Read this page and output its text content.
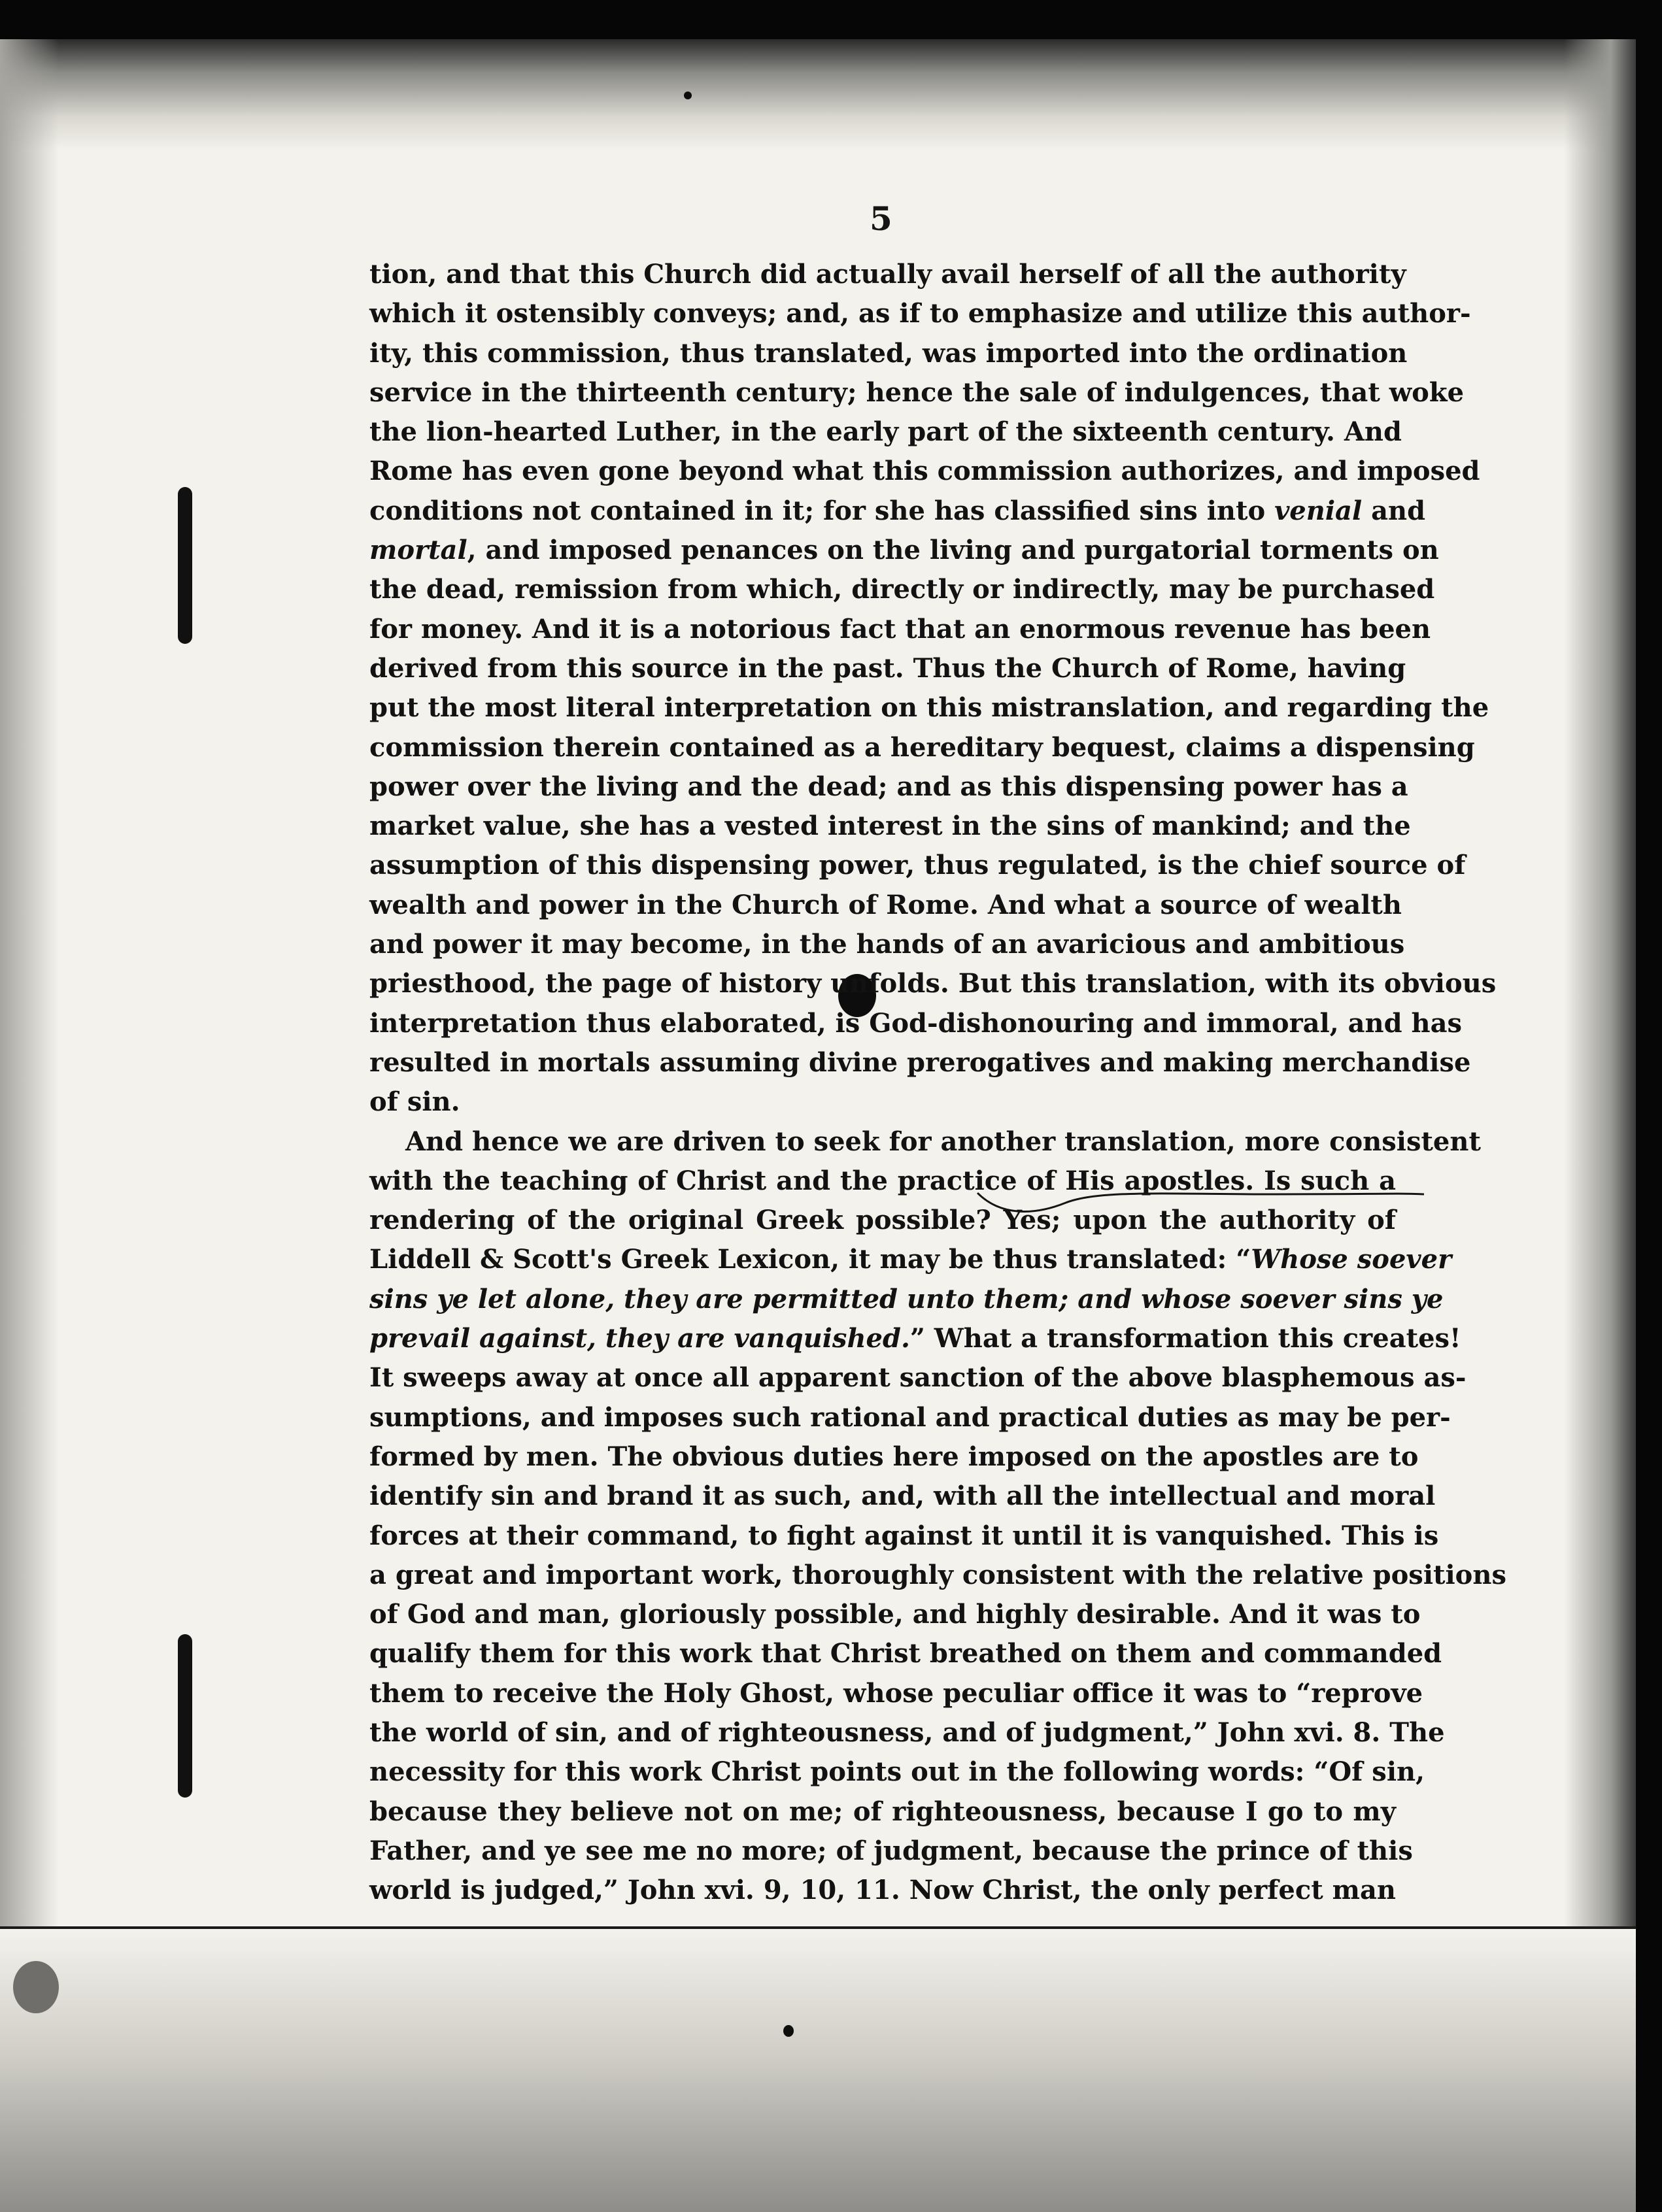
5

tion, and that this Church did actually avail herself of all the authority
which it ostensibly conveys; and, as if to emphasize and utilize this author-
ity, this commission, thus translated, was imported into the ordination
service in the thirteenth century; hence the sale of indulgences, that woke
the lion-hearted Luther, in the early part of the sixteenth century. And
Rome has even gone beyond what this commission authorizes, and imposed
conditions not contained in it; for she has classified sins into venial and
mortal, and imposed penances on the living and purgatorial torments on
the dead, remission from which, directly or indirectly, may be purchased
for money. And it is a notorious fact that an enormous revenue has been
derived from this source in the past. Thus the Church of Rome, having
put the most literal interpretation on this mistranslation, and regarding the
commission therein contained as a hereditary bequest, claims a dispensing
power over the living and the dead; and as this dispensing power has a
market value, she has a vested interest in the sins of mankind; and the
assumption of this dispensing power, thus regulated, is the chief source of
wealth and power in the Church of Rome. And what a source of wealth
and power it may become, in the hands of an avaricious and ambitious
priesthood, the page of history unfolds. But this translation, with its obvious
interpretation thus elaborated, is God-dishonouring and immoral, and has
resulted in mortals assuming divine prerogatives and making merchandise
of sin.
And hence we are driven to seek for another translation, more consistent
with the teaching of Christ and the practice of His apostles. Is such a
rendering of the original Greek possible? Yes; upon the authority of
Liddell & Scott's Greek Lexicon, it may be thus translated: “Whose soever
sins ye let alone, they are permitted unto them; and whose soever sins ye
prevail against, they are vanquished.” What a transformation this creates!
It sweeps away at once all apparent sanction of the above blasphemous as-
sumptions, and imposes such rational and practical duties as may be per-
formed by men. The obvious duties here imposed on the apostles are to
identify sin and brand it as such, and, with all the intellectual and moral
forces at their command, to fight against it until it is vanquished. This is
a great and important work, thoroughly consistent with the relative positions
of God and man, gloriously possible, and highly desirable. And it was to
qualify them for this work that Christ breathed on them and commanded
them to receive the Holy Ghost, whose peculiar office it was to “reprove
the world of sin, and of righteousness, and of judgment,” John xvi. 8. The
necessity for this work Christ points out in the following words: “Of sin,
because they believe not on me; of righteousness, because I go to my
Father, and ye see me no more; of judgment, because the prince of this
world is judged,” John xvi. 9, 10, 11. Now Christ, the only perfect man
